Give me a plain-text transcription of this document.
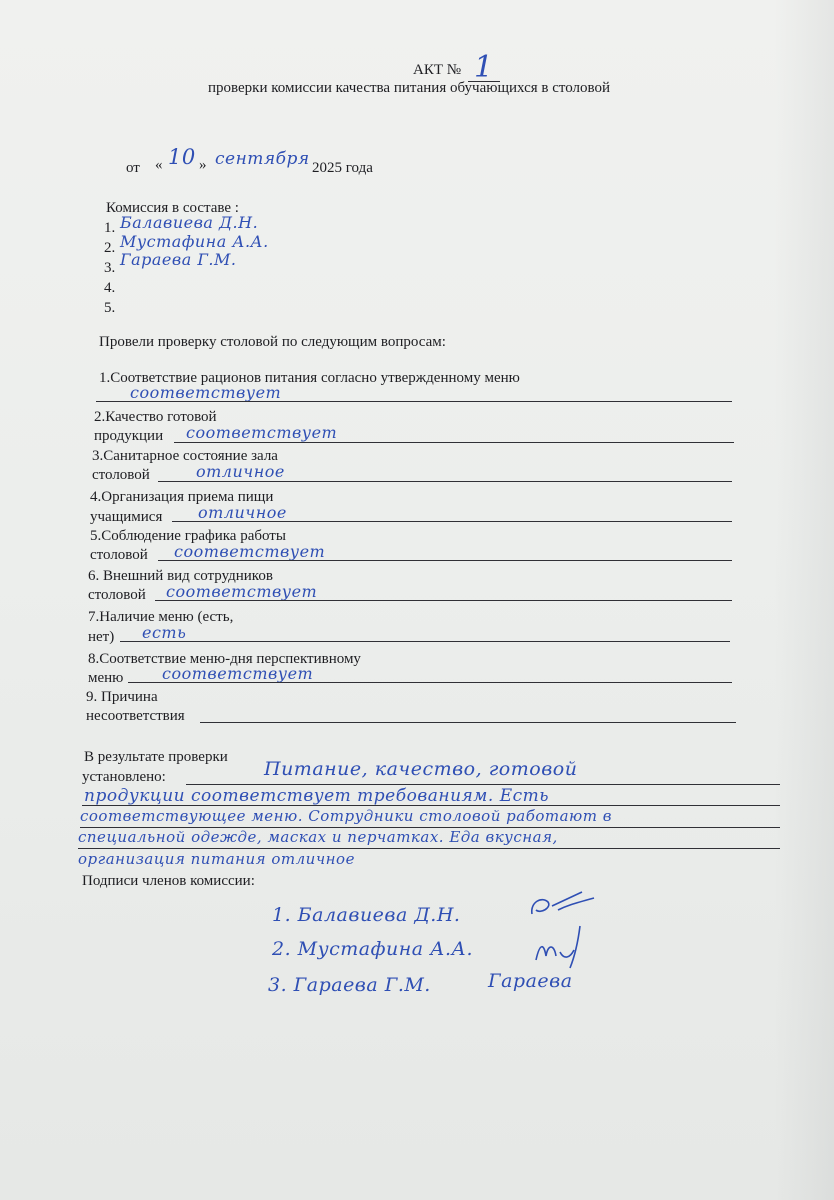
АКТ № 1
проверки комиссии качества питания обучающихся в столовой
от « 10 » сентября 2025 года
Комиссия в составе :
1. Балавиева Д.Н.
2. Мустафина А.А.
3. Гараева Г.М.
4.
5.
Провели проверку столовой по следующим вопросам:
1.Соответствие рационов питания согласно утвержденному меню
соответствует
2.Качество готовой
продукции соответствует
3.Санитарное состояние зала
столовой	отличное
4.Организация приема пищи
учащимися отличное
5.Соблюдение графика работы
столовой соответствует
6. Внешний вид сотрудников
столовой соответствует
7.Наличие меню (есть,
нет) есть
8.Соответствие меню-дня перспективному
меню соответствует
9. Причина
несоответствия
В результате проверки
установлено:	Питание, качество, готовой
продукции соответствует требованиям. Есть
соответствующее меню. Сотрудники столовой работают в
специальной одежде, масках и перчатках. Еда вкусная,
организация питания отличное
Подписи членов комиссии:
1. Балавиева Д.Н.
2. Мустафина А.А.
3. Гараева Г.М.	Гараева
